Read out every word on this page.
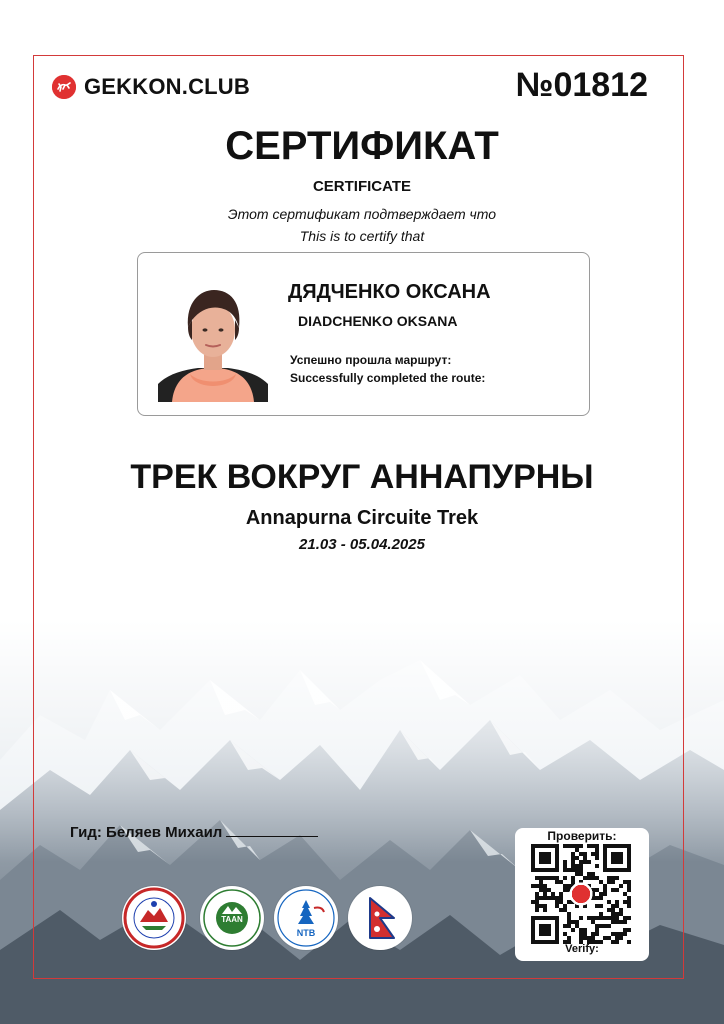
GEKKON.CLUB	№01812
СЕРТИФИКАТ
CERTIFICATE
Этот сертификат подтверждает что
This is to certify that
ДЯДЧЕНКО ОКСАНА
DIADCHENKO OKSANA
Успешно прошла маршрут:
Successfully completed the route:
ТРЕК ВОКРУГ АННАПУРНЫ
Annapurna Circuite Trek
21.03 - 05.04.2025
Гид: Беляев Михаил
TAAN
NTB
Проверить:
Verify:
